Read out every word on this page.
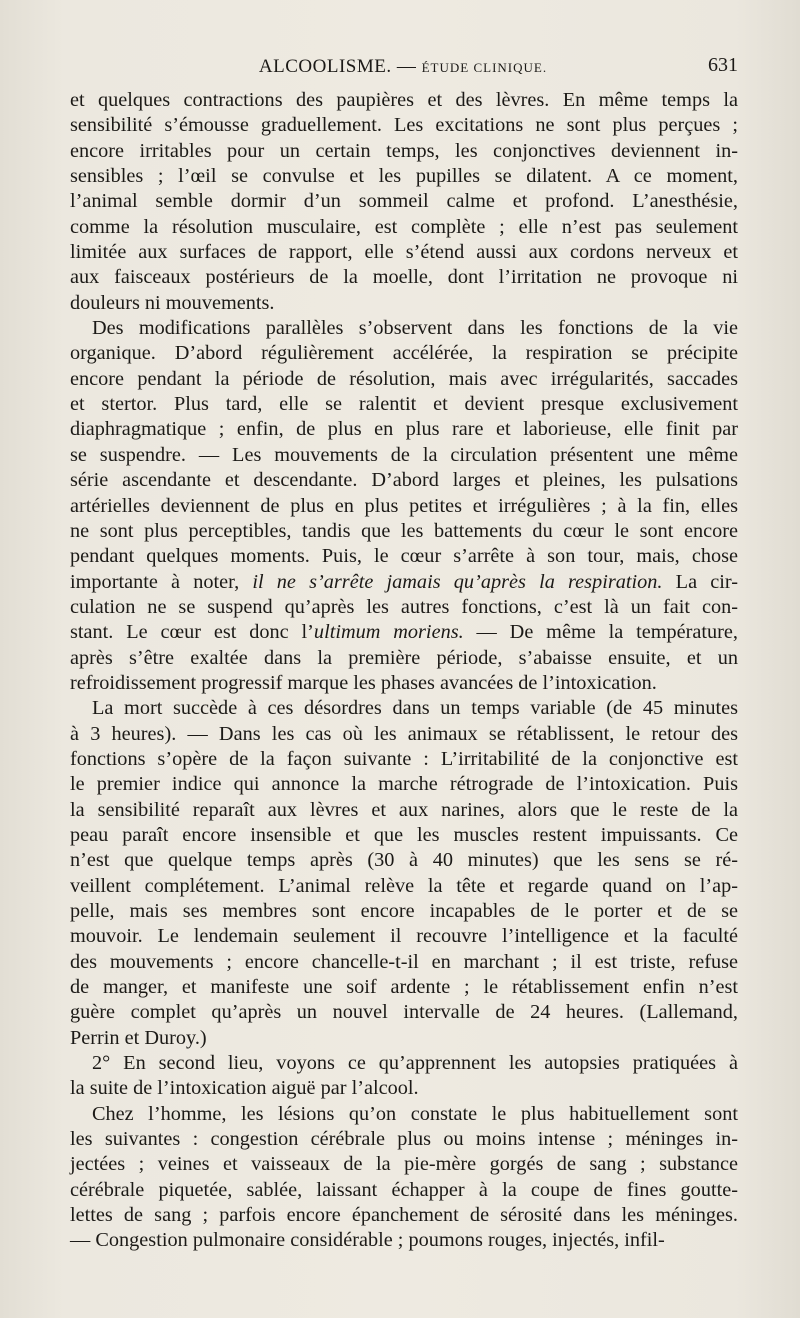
ALCOOLISME. — ÉTUDE CLINIQUE.	631
et quelques contractions des paupières et des lèvres. En même temps la
sensibilité s’émousse graduellement. Les excitations ne sont plus perçues ;
encore irritables pour un certain temps, les conjonctives deviennent in-
sensibles ; l’œil se convulse et les pupilles se dilatent. A ce moment,
l’animal semble dormir d’un sommeil calme et profond. L’anesthésie,
comme la résolution musculaire, est complète ; elle n’est pas seulement
limitée aux surfaces de rapport, elle s’étend aussi aux cordons nerveux et
aux faisceaux postérieurs de la moelle, dont l’irritation ne provoque ni
douleurs ni mouvements.
Des modifications parallèles s’observent dans les fonctions de la vie
organique. D’abord régulièrement accélérée, la respiration se précipite
encore pendant la période de résolution, mais avec irrégularités, saccades
et stertor. Plus tard, elle se ralentit et devient presque exclusivement
diaphragmatique ; enfin, de plus en plus rare et laborieuse, elle finit par
se suspendre. — Les mouvements de la circulation présentent une même
série ascendante et descendante. D’abord larges et pleines, les pulsations
artérielles deviennent de plus en plus petites et irrégulières ; à la fin, elles
ne sont plus perceptibles, tandis que les battements du cœur le sont encore
pendant quelques moments. Puis, le cœur s’arrête à son tour, mais, chose
importante à noter, il ne s’arrête jamais qu’après la respiration. La cir-
culation ne se suspend qu’après les autres fonctions, c’est là un fait con-
stant. Le cœur est donc l’ultimum moriens. — De même la température,
après s’être exaltée dans la première période, s’abaisse ensuite, et un
refroidissement progressif marque les phases avancées de l’intoxication.
La mort succède à ces désordres dans un temps variable (de 45 minutes
à 3 heures). — Dans les cas où les animaux se rétablissent, le retour des
fonctions s’opère de la façon suivante : L’irritabilité de la conjonctive est
le premier indice qui annonce la marche rétrograde de l’intoxication. Puis
la sensibilité reparaît aux lèvres et aux narines, alors que le reste de la
peau paraît encore insensible et que les muscles restent impuissants. Ce
n’est que quelque temps après (30 à 40 minutes) que les sens se ré-
veillent complétement. L’animal relève la tête et regarde quand on l’ap-
pelle, mais ses membres sont encore incapables de le porter et de se
mouvoir. Le lendemain seulement il recouvre l’intelligence et la faculté
des mouvements ; encore chancelle-t-il en marchant ; il est triste, refuse
de manger, et manifeste une soif ardente ; le rétablissement enfin n’est
guère complet qu’après un nouvel intervalle de 24 heures. (Lallemand,
Perrin et Duroy.)
2° En second lieu, voyons ce qu’apprennent les autopsies pratiquées à
la suite de l’intoxication aiguë par l’alcool.
Chez l’homme, les lésions qu’on constate le plus habituellement sont
les suivantes : congestion cérébrale plus ou moins intense ; méninges in-
jectées ; veines et vaisseaux de la pie-mère gorgés de sang ; substance
cérébrale piquetée, sablée, laissant échapper à la coupe de fines goutte-
lettes de sang ; parfois encore épanchement de sérosité dans les méninges.
— Congestion pulmonaire considérable ; poumons rouges, injectés, infil-
